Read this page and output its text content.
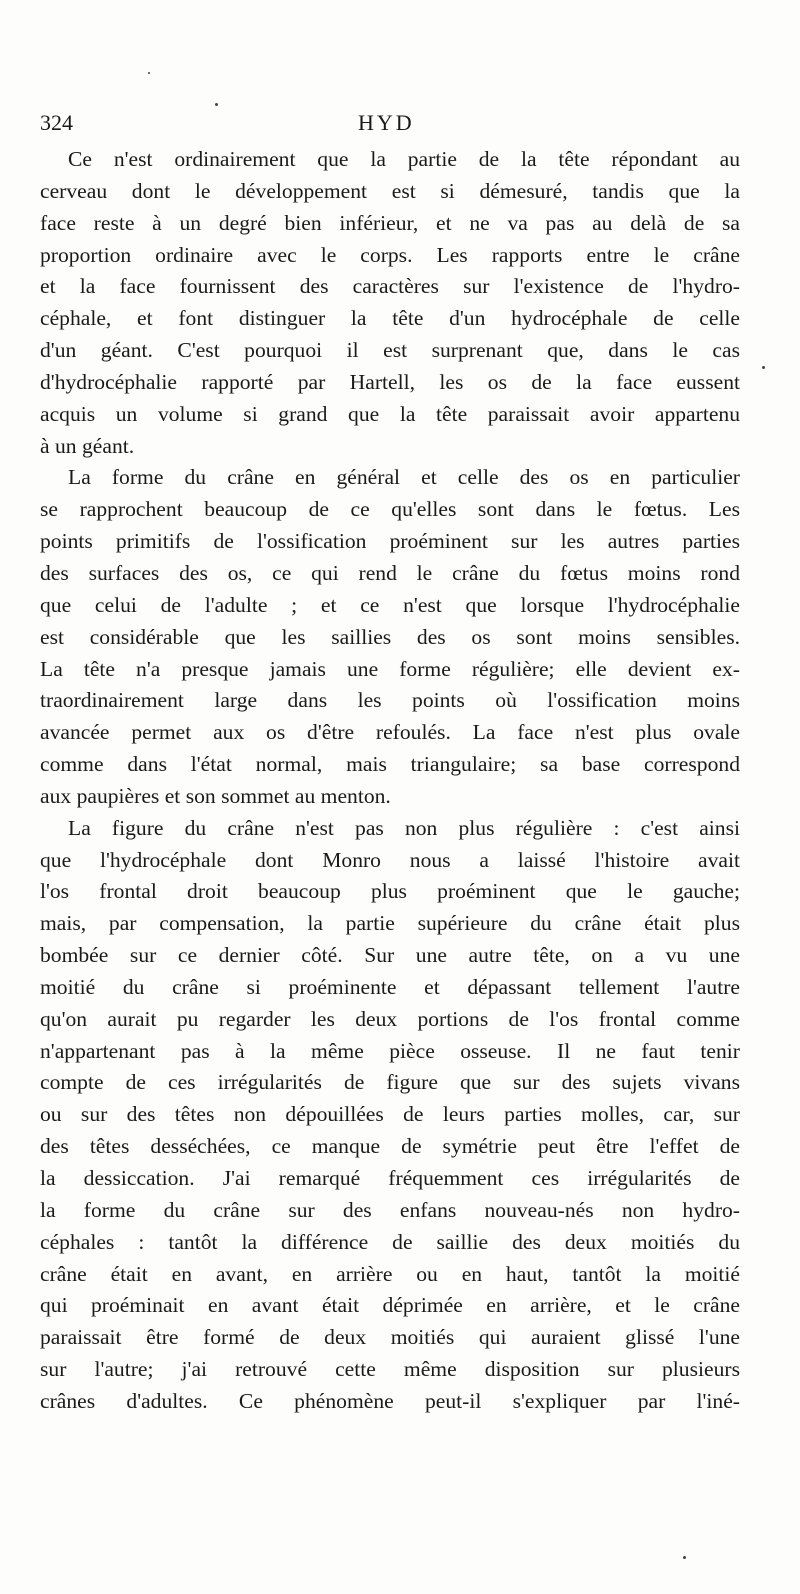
324	HYD
Ce n'est ordinairement que la partie de la tête répondant au
cerveau dont le développement est si démesuré, tandis que la
face reste à un degré bien inférieur, et ne va pas au delà de sa
proportion ordinaire avec le corps. Les rapports entre le crâne
et la face fournissent des caractères sur l'existence de l'hydro-
céphale, et font distinguer la tête d'un hydrocéphale de celle
d'un géant. C'est pourquoi il est surprenant que, dans le cas
d'hydrocéphalie rapporté par Hartell, les os de la face eussent
acquis un volume si grand que la tête paraissait avoir appartenu
à un géant.
La forme du crâne en général et celle des os en particulier
se rapprochent beaucoup de ce qu'elles sont dans le fœtus. Les
points primitifs de l'ossification proéminent sur les autres parties
des surfaces des os, ce qui rend le crâne du fœtus moins rond
que celui de l'adulte ; et ce n'est que lorsque l'hydrocéphalie
est considérable que les saillies des os sont moins sensibles.
La tête n'a presque jamais une forme régulière; elle devient ex-
traordinairement large dans les points où l'ossification moins
avancée permet aux os d'être refoulés. La face n'est plus ovale
comme dans l'état normal, mais triangulaire; sa base correspond
aux paupières et son sommet au menton.
La figure du crâne n'est pas non plus régulière : c'est ainsi
que l'hydrocéphale dont Monro nous a laissé l'histoire avait
l'os frontal droit beaucoup plus proéminent que le gauche;
mais, par compensation, la partie supérieure du crâne était plus
bombée sur ce dernier côté. Sur une autre tête, on a vu une
moitié du crâne si proéminente et dépassant tellement l'autre
qu'on aurait pu regarder les deux portions de l'os frontal comme
n'appartenant pas à la même pièce osseuse. Il ne faut tenir
compte de ces irrégularités de figure que sur des sujets vivans
ou sur des têtes non dépouillées de leurs parties molles, car, sur
des têtes desséchées, ce manque de symétrie peut être l'effet de
la dessiccation. J'ai remarqué fréquemment ces irrégularités de
la forme du crâne sur des enfans nouveau-nés non hydro-
céphales : tantôt la différence de saillie des deux moitiés du
crâne était en avant, en arrière ou en haut, tantôt la moitié
qui proéminait en avant était déprimée en arrière, et le crâne
paraissait être formé de deux moitiés qui auraient glissé l'une
sur l'autre; j'ai retrouvé cette même disposition sur plusieurs
crânes d'adultes. Ce phénomène peut-il s'expliquer par l'iné-
